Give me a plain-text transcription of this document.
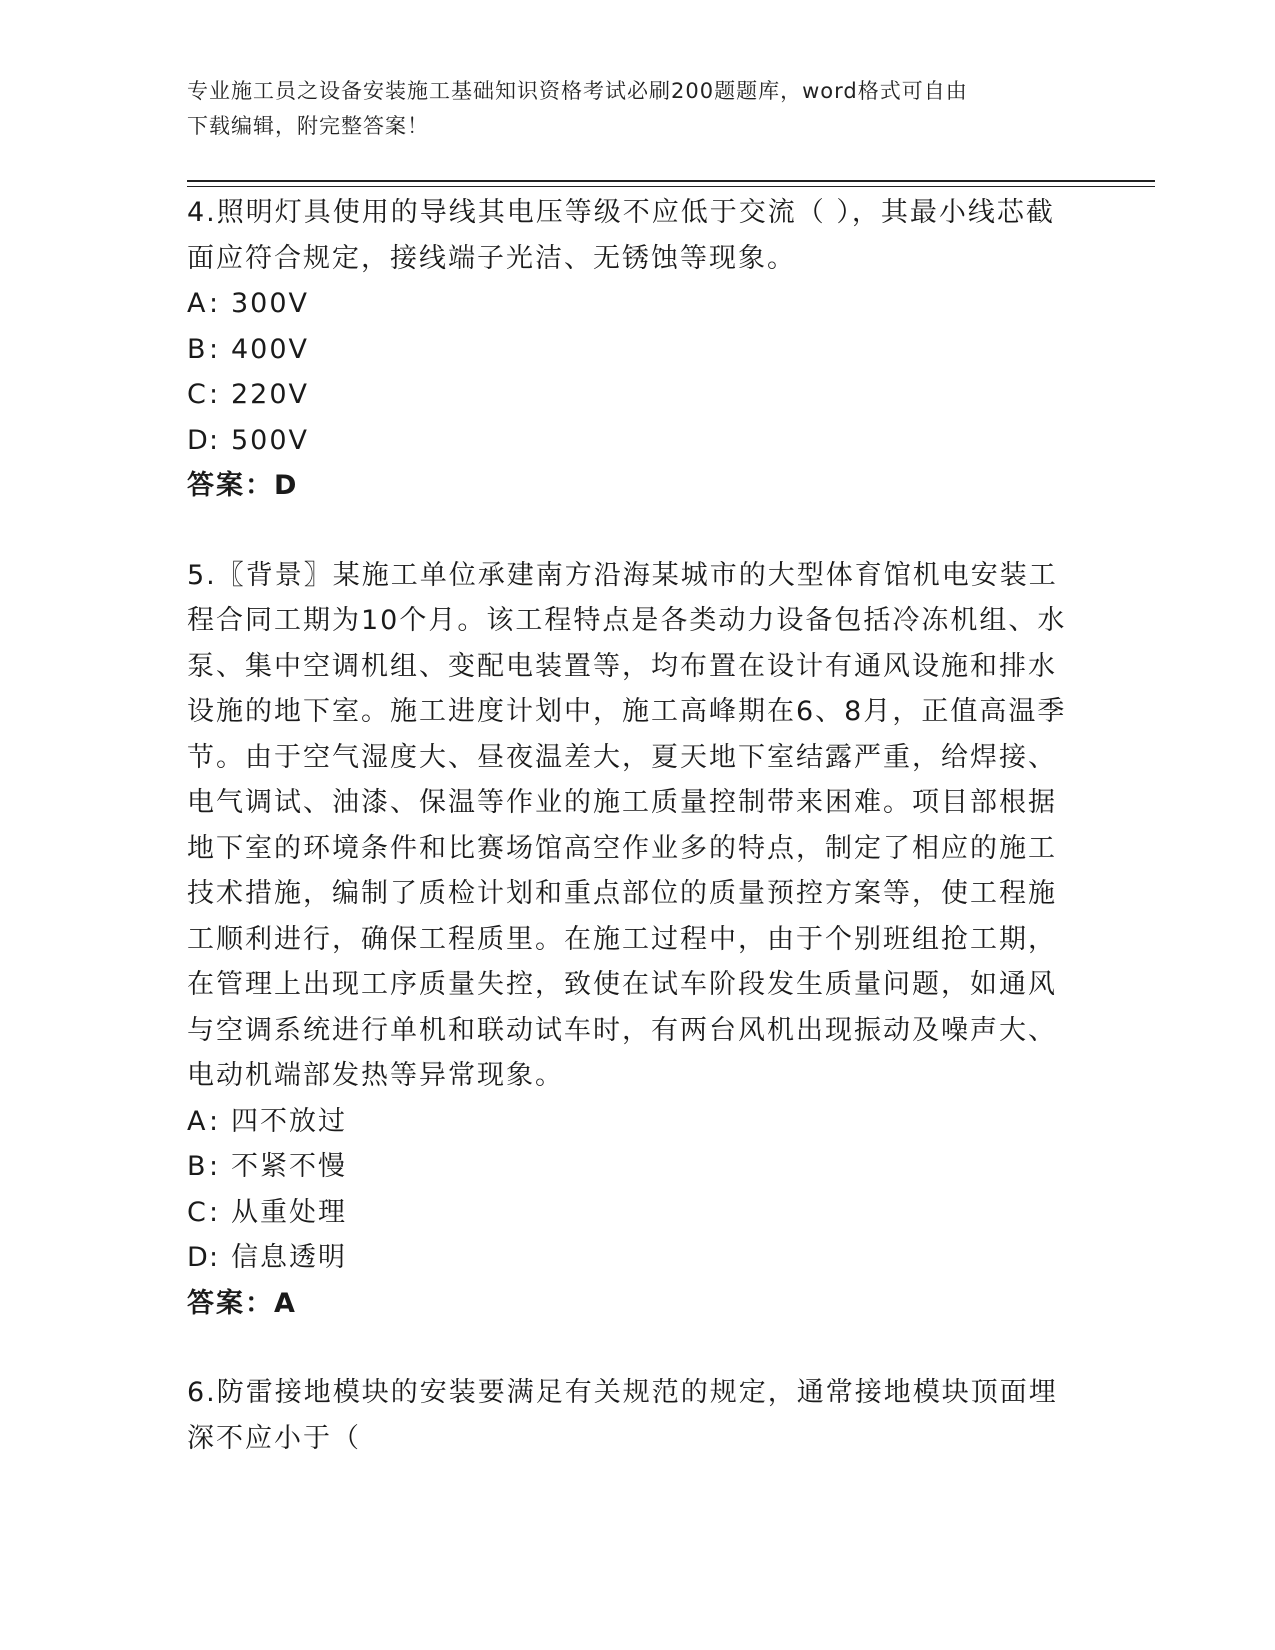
专业施工员之设备安装施工基础知识资格考试必刷200题题库，word格式可自由
下载编辑，附完整答案！

4.照明灯具使用的导线其电压等级不应低于交流（ ），其最小线芯截

面应符合规定，接线端子光洁、无锈蚀等现象。

A: 300V

B: 400V

C: 220V

D: 500V

答案：D

5.〖背景〗某施工单位承建南方沿海某城市的大型体育馆机电安装工

程合同工期为10个月。该工程特点是各类动力设备包括冷冻机组、水

泵、集中空调机组、变配电装置等，均布置在设计有通风设施和排水

设施的地下室。施工进度计划中，施工高峰期在6、8月，正值高温季

节。由于空气湿度大、昼夜温差大，夏天地下室结露严重，给焊接、

电气调试、油漆、保温等作业的施工质量控制带来困难。项目部根据

地下室的环境条件和比赛场馆高空作业多的特点，制定了相应的施工

技术措施，编制了质检计划和重点部位的质量预控方案等，使工程施

工顺利进行，确保工程质里。在施工过程中，由于个别班组抢工期，

在管理上出现工序质量失控，致使在试车阶段发生质量问题，如通风

与空调系统进行单机和联动试车时，有两台风机出现振动及噪声大、

电动机端部发热等异常现象。

A: 四不放过

B: 不紧不慢

C: 从重处理

D: 信息透明

答案：A

6.防雷接地模块的安装要满足有关规范的规定，通常接地模块顶面埋

深不应小于（
